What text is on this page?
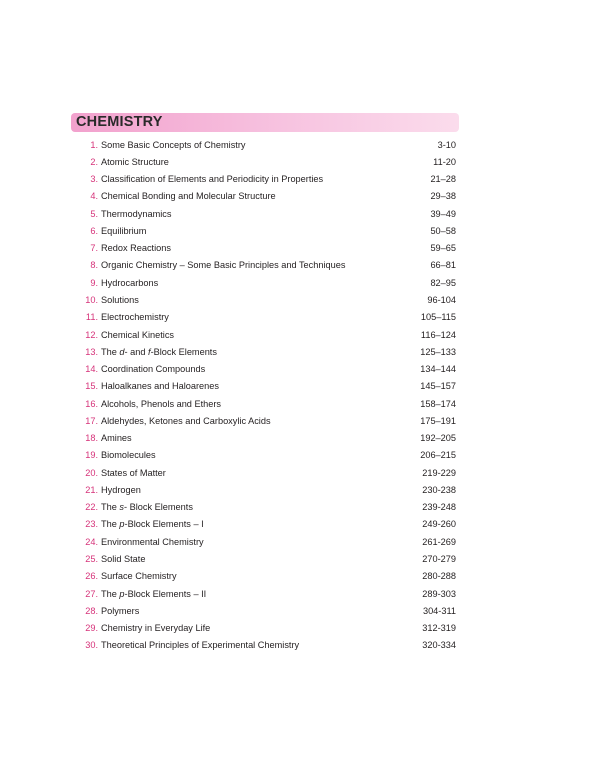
CHEMISTRY
1. Some Basic Concepts of Chemistry	3-10
2. Atomic Structure	11-20
3. Classification of Elements and Periodicity in Properties	21–28
4. Chemical Bonding and Molecular Structure	29–38
5. Thermodynamics	39–49
6. Equilibrium	50–58
7. Redox Reactions	59–65
8. Organic Chemistry – Some Basic Principles and Techniques	66–81
9. Hydrocarbons	82–95
10. Solutions	96-104
11. Electrochemistry	105–115
12. Chemical Kinetics	116–124
13. The d- and f-Block Elements	125–133
14. Coordination Compounds	134–144
15. Haloalkanes and Haloarenes	145–157
16. Alcohols, Phenols and Ethers	158–174
17. Aldehydes, Ketones and Carboxylic Acids	175–191
18. Amines	192–205
19. Biomolecules	206–215
20. States of Matter	219-229
21. Hydrogen	230-238
22. The s- Block Elements	239-248
23. The p-Block Elements – I	249-260
24. Environmental Chemistry	261-269
25. Solid State	270-279
26. Surface Chemistry	280-288
27. The p-Block Elements – II	289-303
28. Polymers	304-311
29. Chemistry in Everyday Life	312-319
30. Theoretical Principles of Experimental Chemistry	320-334
